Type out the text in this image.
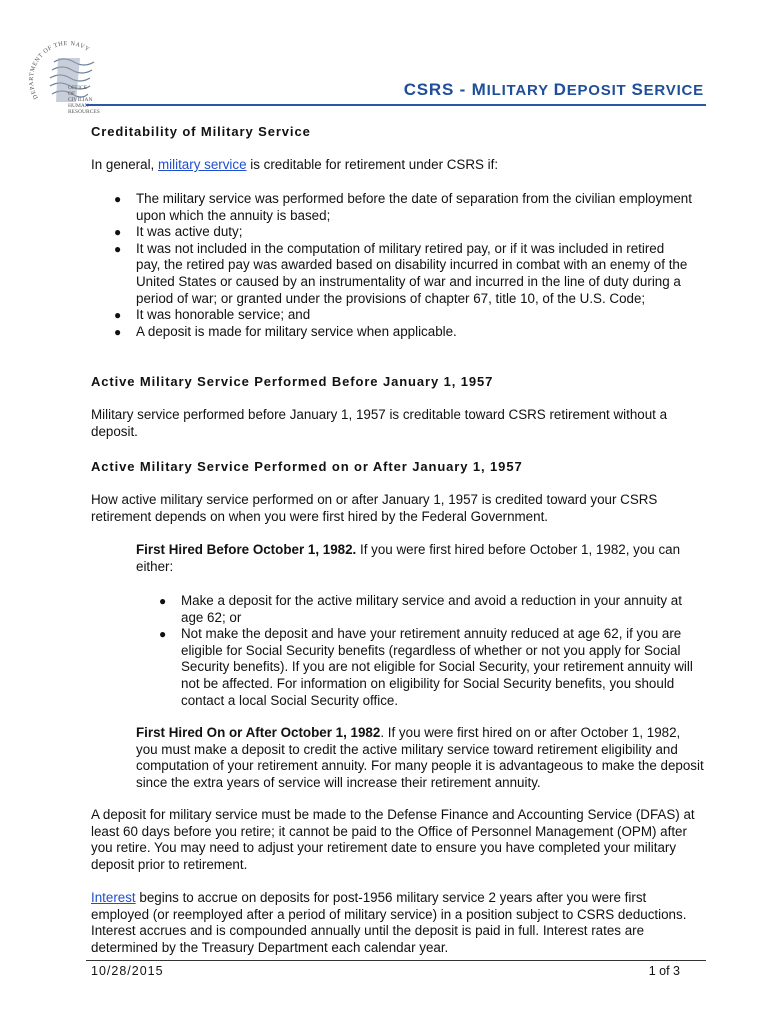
DEPARTMENT OF THE NAVY
OFFICE
OF
CIVILIAN
HUMAN
RESOURCES
CSRS - MILITARY DEPOSIT SERVICE
Creditability of Military Service
In general, military service is creditable for retirement under CSRS if:
● The military service was performed before the date of separation from the civilian employment upon which the annuity is based;
● It was active duty;
● It was not included in the computation of military retired pay, or if it was included in retired pay, the retired pay was awarded based on disability incurred in combat with an enemy of the United States or caused by an instrumentality of war and incurred in the line of duty during a period of war; or granted under the provisions of chapter 67, title 10, of the U.S. Code;
● It was honorable service; and
● A deposit is made for military service when applicable.
Active Military Service Performed Before January 1, 1957
Military service performed before January 1, 1957 is creditable toward CSRS retirement without a deposit.
Active Military Service Performed on or After January 1, 1957
How active military service performed on or after January 1, 1957 is credited toward your CSRS retirement depends on when you were first hired by the Federal Government.
First Hired Before October 1, 1982. If you were first hired before October 1, 1982, you can either:
● Make a deposit for the active military service and avoid a reduction in your annuity at age 62; or
● Not make the deposit and have your retirement annuity reduced at age 62, if you are eligible for Social Security benefits (regardless of whether or not you apply for Social Security benefits). If you are not eligible for Social Security, your retirement annuity will not be affected. For information on eligibility for Social Security benefits, you should contact a local Social Security office.
First Hired On or After October 1, 1982. If you were first hired on or after October 1, 1982, you must make a deposit to credit the active military service toward retirement eligibility and computation of your retirement annuity. For many people it is advantageous to make the deposit since the extra years of service will increase their retirement annuity.
A deposit for military service must be made to the Defense Finance and Accounting Service (DFAS) at least 60 days before you retire; it cannot be paid to the Office of Personnel Management (OPM) after you retire. You may need to adjust your retirement date to ensure you have completed your military deposit prior to retirement.
Interest begins to accrue on deposits for post-1956 military service 2 years after you were first employed (or reemployed after a period of military service) in a position subject to CSRS deductions. Interest accrues and is compounded annually until the deposit is paid in full. Interest rates are determined by the Treasury Department each calendar year.
10/28/2015	1 of 3
